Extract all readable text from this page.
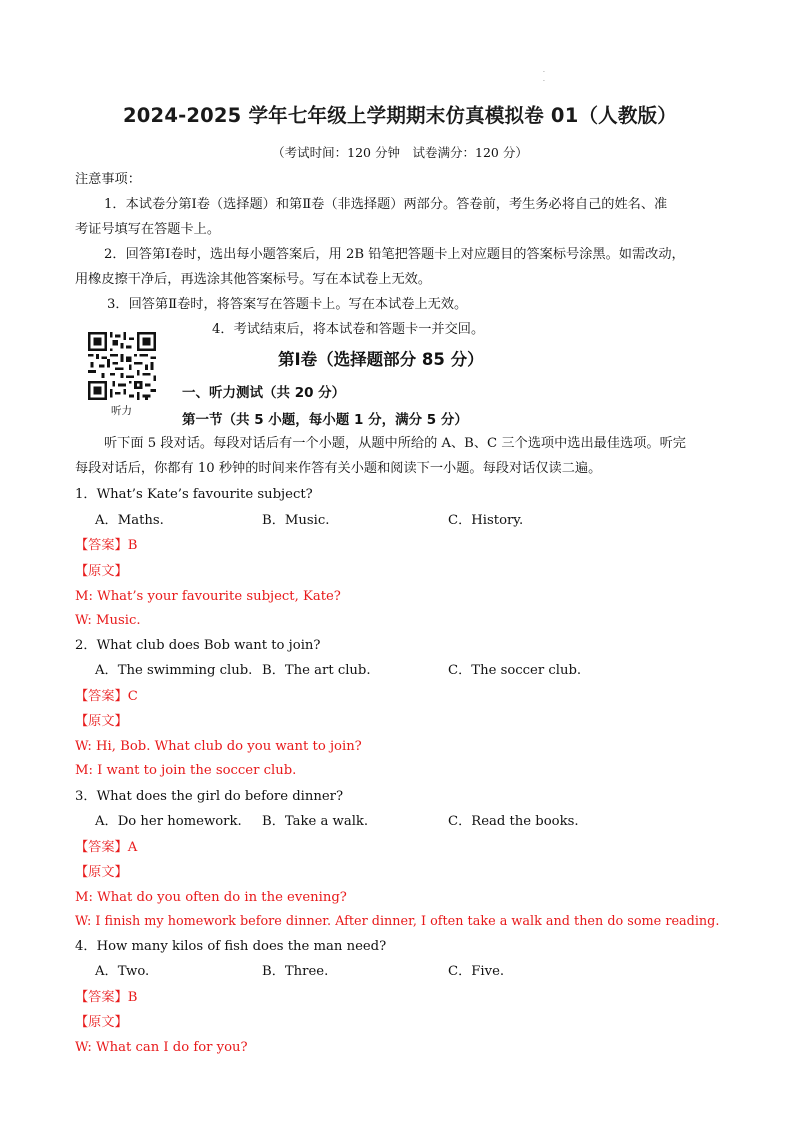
·
·
2024-2025 学年七年级上学期期末仿真模拟卷 01（人教版）
（考试时间：120 分钟　试卷满分：120 分）
注意事项：
1．本试卷分第Ⅰ卷（选择题）和第Ⅱ卷（非选择题）两部分。答卷前，考生务必将自己的姓名、准
考证号填写在答题卡上。
2．回答第Ⅰ卷时，选出每小题答案后，用 2B 铅笔把答题卡上对应题目的答案标号涂黑。如需改动，
用橡皮擦干净后，再选涂其他答案标号。写在本试卷上无效。
3．回答第Ⅱ卷时，将答案写在答题卡上。写在本试卷上无效。
4．考试结束后，将本试卷和答题卡一并交回。
听力
第Ⅰ卷（选择题部分 85 分）
一、听力测试（共 20 分）
第一节（共 5 小题，每小题 1 分，满分 5 分）
听下面 5 段对话。每段对话后有一个小题，从题中所给的 A、B、C 三个选项中选出最佳选项。听完
每段对话后，你都有 10 秒钟的时间来作答有关小题和阅读下一小题。每段对话仅读二遍。
1．What’s Kate’s favourite subject?
A．Maths.	B．Music.	C．History.
【答案】B
【原文】
M: What’s your favourite subject, Kate?
W: Music.
2．What club does Bob want to join?
A．The swimming club. B．The art club.	C．The soccer club.
【答案】C
【原文】
W: Hi, Bob. What club do you want to join?
M: I want to join the soccer club.
3．What does the girl do before dinner?
A．Do her homework. B．Take a walk.	C．Read the books.
【答案】A
【原文】
M: What do you often do in the evening?
W: I finish my homework before dinner. After dinner, I often take a walk and then do some reading.
4．How many kilos of fish does the man need?
A．Two.	B．Three.	C．Five.
【答案】B
【原文】
W: What can I do for you?
